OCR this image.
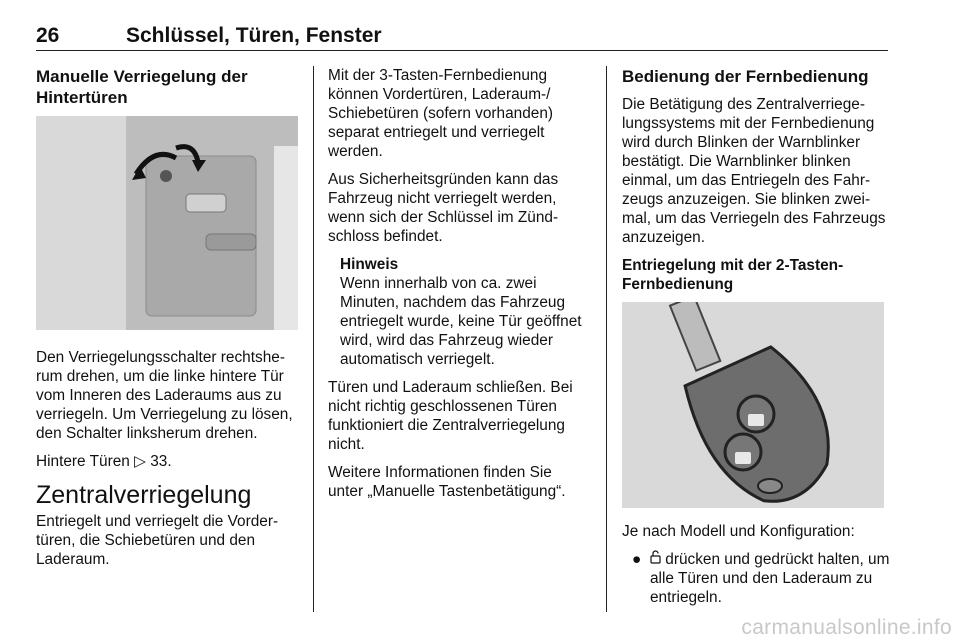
26	Schlüssel, Türen, Fenster
Manuelle Verriegelung der Hintertüren

Den Verriegelungsschalter rechtsherum drehen, um die linke hintere Tür vom Inneren des Laderaums aus zu verriegeln. Um Verriegelung zu lösen, den Schalter linksherum drehen.

Hintere Türen ▷ 33.

Zentralverriegelung

Entriegelt und verriegelt die Vordertüren, die Schiebetüren und den Laderaum.

Mit der 3-Tasten-Fernbedienung können Vordertüren, Laderaum-/ Schiebetüren (sofern vorhanden) separat entriegelt und verriegelt werden.

Aus Sicherheitsgründen kann das Fahrzeug nicht verriegelt werden, wenn sich der Schlüssel im Zündschloss befindet.

Hinweis
Wenn innerhalb von ca. zwei Minuten, nachdem das Fahrzeug entriegelt wurde, keine Tür geöffnet wird, wird das Fahrzeug wieder automatisch verriegelt.

Türen und Laderaum schließen. Bei nicht richtig geschlossenen Türen funktioniert die Zentralverriegelung nicht.

Weitere Informationen finden Sie unter „Manuelle Tastenbetätigung“.

Bedienung der Fernbedienung

Die Betätigung des Zentralverriegelungssystems mit der Fernbedienung wird durch Blinken der Warnblinker bestätigt. Die Warnblinker blinken einmal, um das Entriegeln des Fahrzeugs anzuzeigen. Sie blinken zweimal, um das Verriegeln des Fahrzeugs anzuzeigen.

Entriegelung mit der 2-Tasten-Fernbedienung

Je nach Modell und Konfiguration:

●	drücken und gedrückt halten, um alle Türen und den Laderaum zu entriegeln.
carmanualsonline.info
